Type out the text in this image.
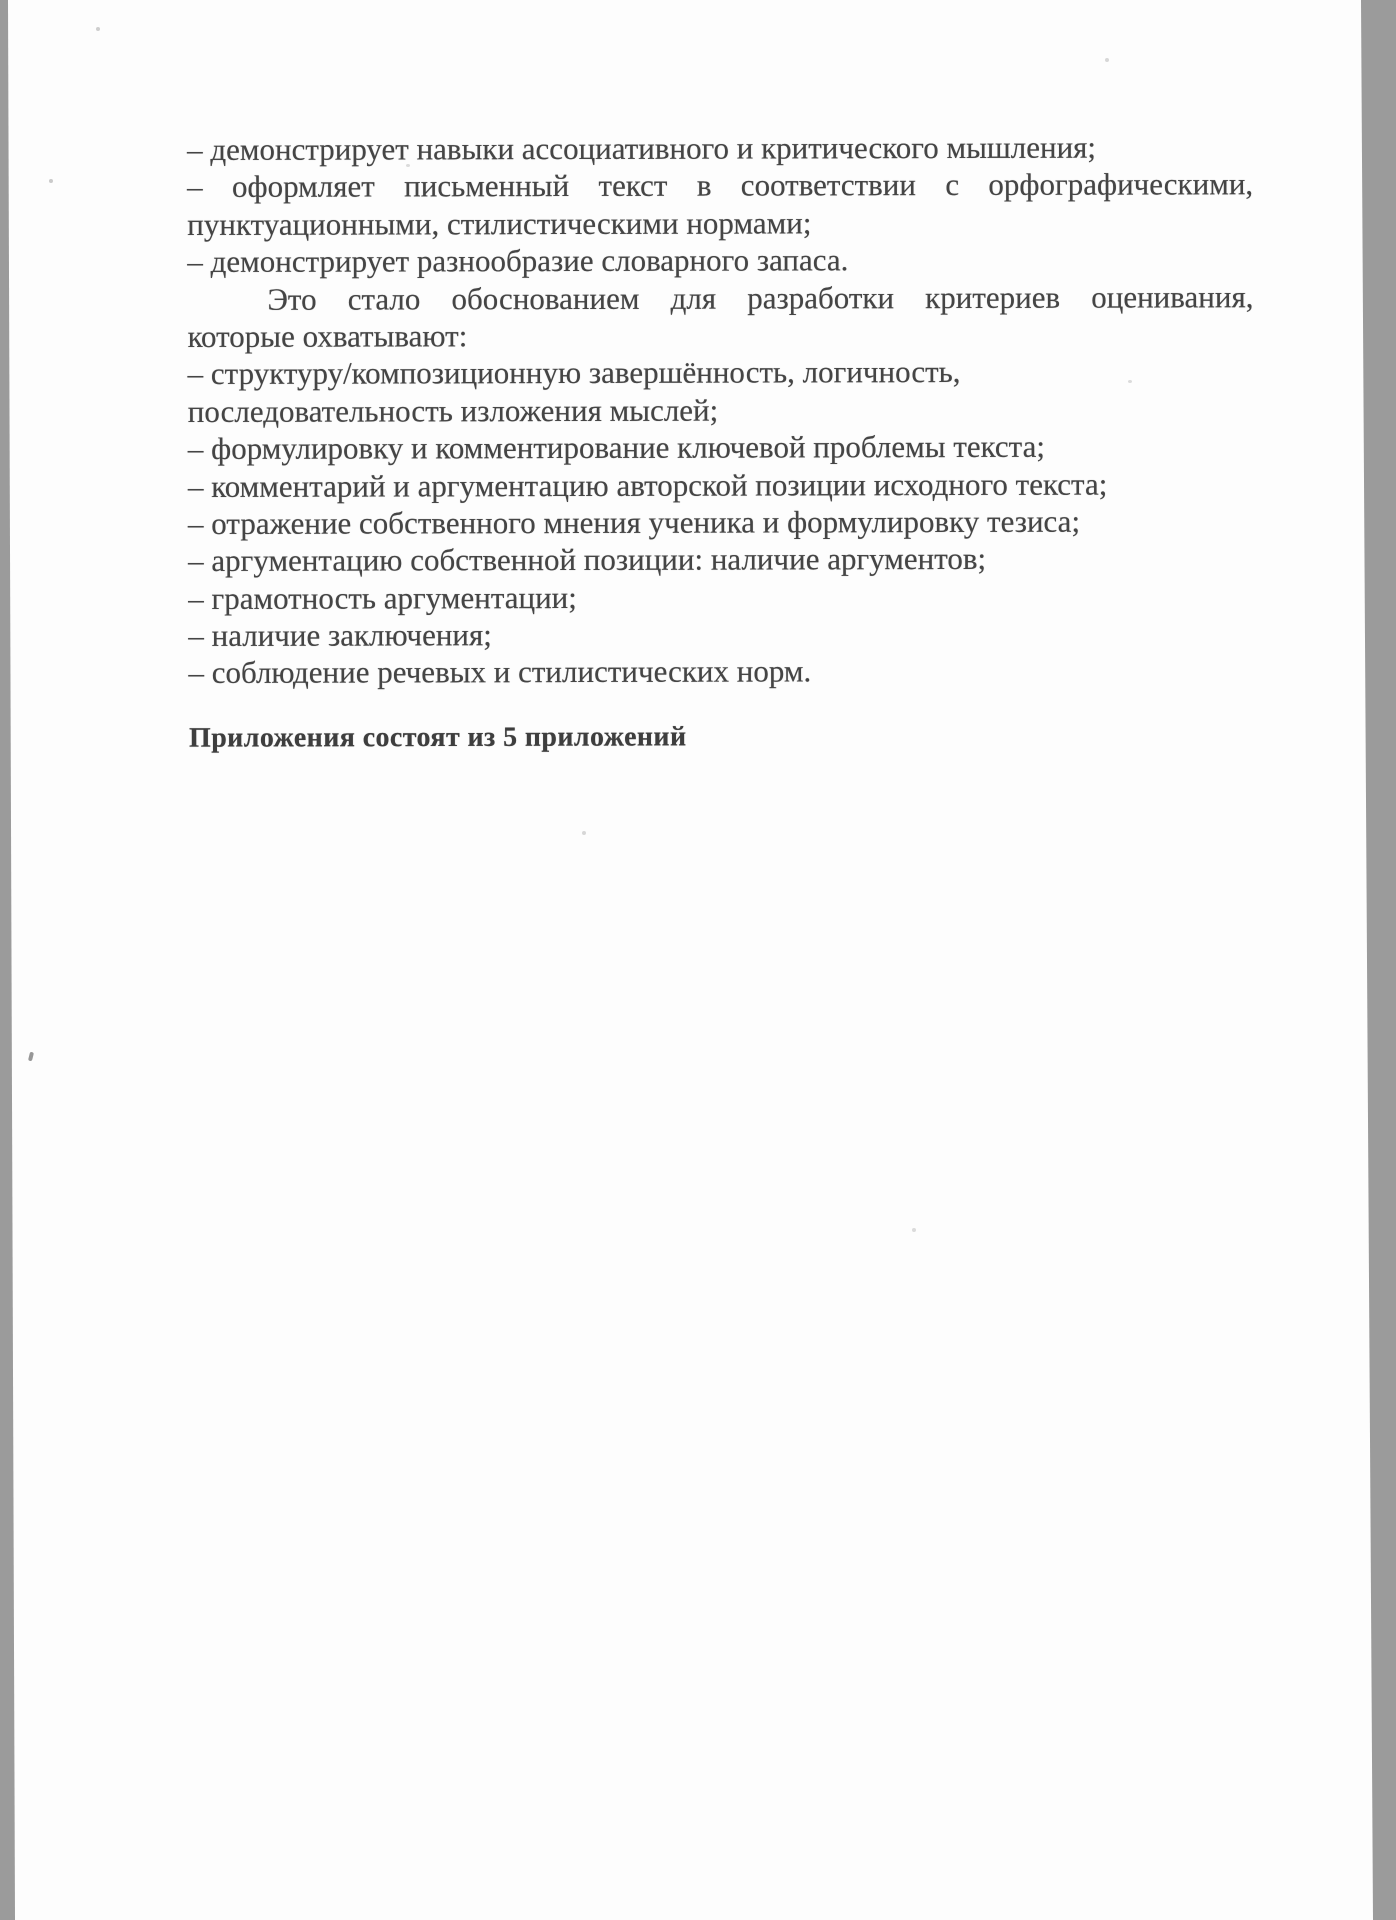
– демонстрирует навыки ассоциативного и критического мышления;
– оформляет письменный текст в соответствии с орфографическими,
пунктуационными, стилистическими нормами;
– демонстрирует разнообразие словарного запаса.
Это стало обоснованием для разработки критериев оценивания,
которые охватывают:
– структуру/композиционную завершённость, логичность,
последовательность изложения мыслей;
– формулировку и комментирование ключевой проблемы текста;
– комментарий и аргументацию авторской позиции исходного текста;
– отражение собственного мнения ученика и формулировку тезиса;
– аргументацию собственной позиции: наличие аргументов;
– грамотность аргументации;
– наличие заключения;
– соблюдение речевых и стилистических норм.
Приложения состоят из 5 приложений
